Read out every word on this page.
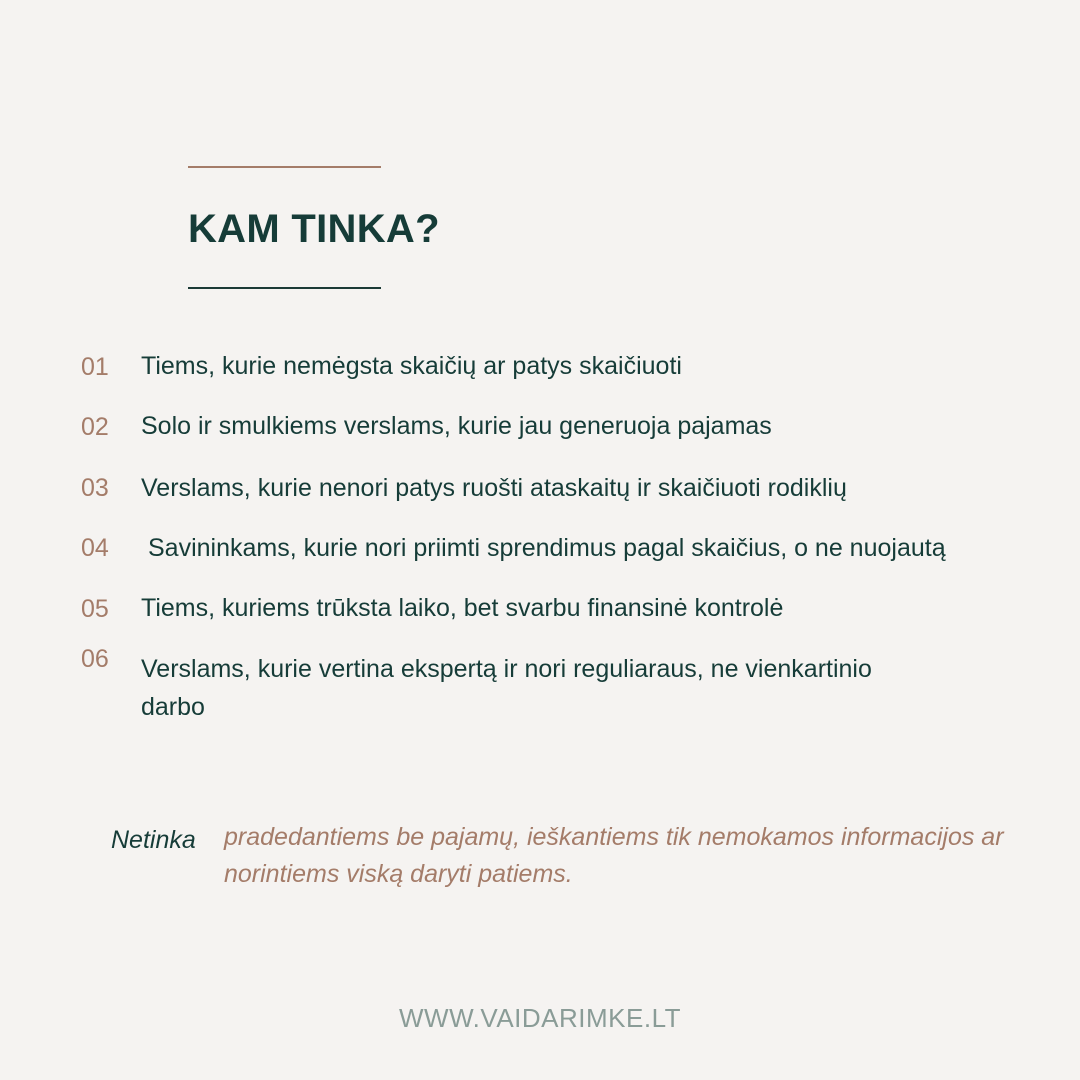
KAM TINKA?
01 Tiems, kurie nemėgsta skaičių ar patys skaičiuoti
02 Solo ir smulkiems verslams, kurie jau generuoja pajamas
03 Verslams, kurie nenori patys ruošti ataskaitų ir skaičiuoti rodiklių
04 Savininkams, kurie nori priimti sprendimus pagal skaičius, o ne nuojautą
05 Tiems, kuriems trūksta laiko, bet svarbu finansinė kontrolė
06 Verslams, kurie vertina ekspertą ir nori reguliaraus, ne vienkartinio darbo
Netinka pradedantiems be pajamų, ieškantiems tik nemokamos informacijos ar norintiems viską daryti patiems.
WWW.VAIDARIMKE.LT
